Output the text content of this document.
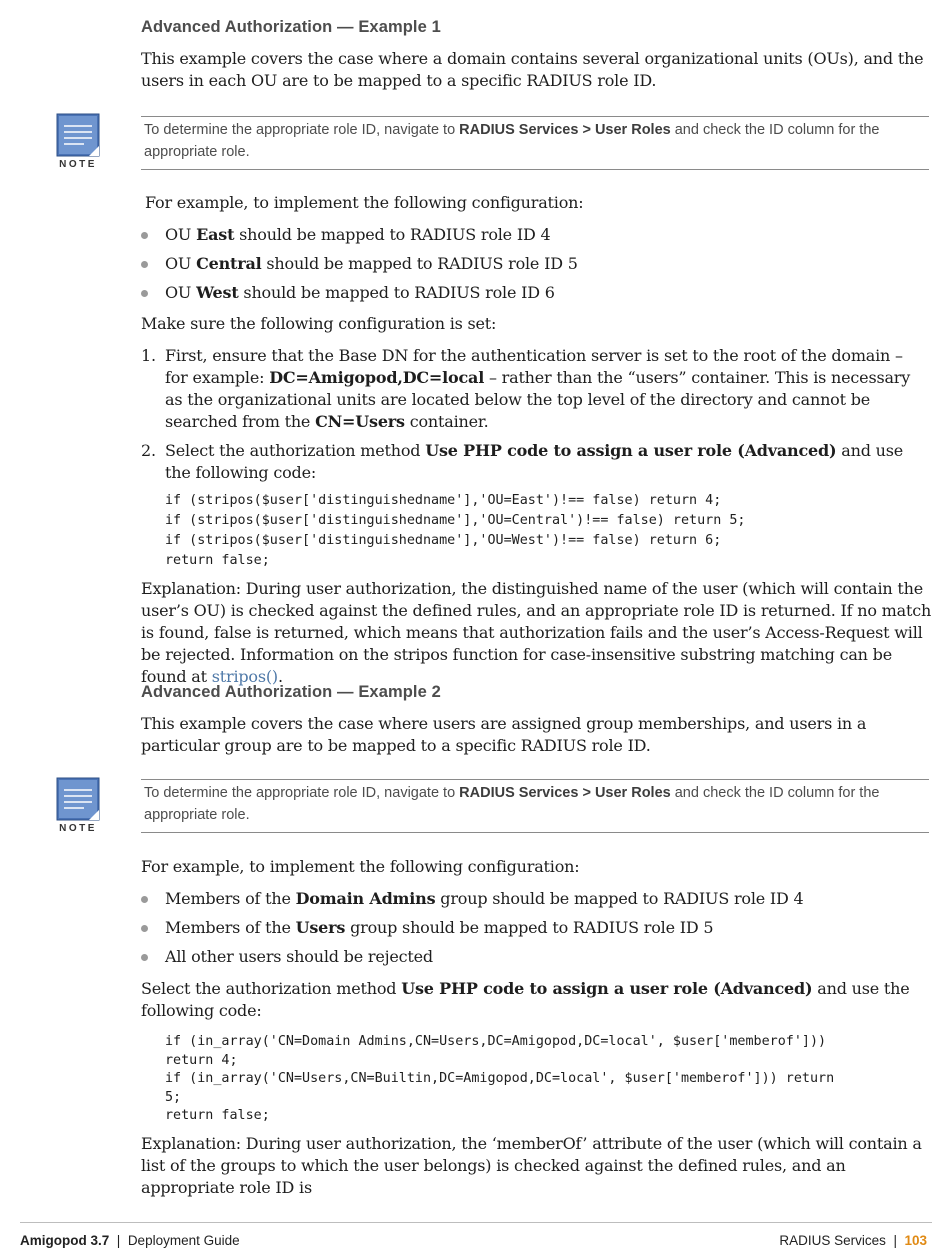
Advanced Authorization — Example 1
This example covers the case where a domain contains several organizational units (OUs), and the users in each OU are to be mapped to a specific RADIUS role ID.
NOTE
To determine the appropriate role ID, navigate to RADIUS Services > User Roles and check the ID column for the appropriate role.
For example, to implement the following configuration:
OU East should be mapped to RADIUS role ID 4
OU Central should be mapped to RADIUS role ID 5
OU West should be mapped to RADIUS role ID 6
Make sure the following configuration is set:
1. First, ensure that the Base DN for the authentication server is set to the root of the domain – for example: DC=Amigopod,DC=local – rather than the “users” container. This is necessary as the organizational units are located below the top level of the directory and cannot be searched from the CN=Users container.
2. Select the authorization method Use PHP code to assign a user role (Advanced) and use the following code:
if (stripos($user['distinguishedname'],'OU=East')!== false) return 4;
if (stripos($user['distinguishedname'],'OU=Central')!== false) return 5;
if (stripos($user['distinguishedname'],'OU=West')!== false) return 6;
return false;
Explanation: During user authorization, the distinguished name of the user (which will contain the user’s OU) is checked against the defined rules, and an appropriate role ID is returned. If no match is found, false is returned, which means that authorization fails and the user’s Access-Request will be rejected. Information on the stripos function for case-insensitive substring matching can be found at stripos().
Advanced Authorization — Example 2
This example covers the case where users are assigned group memberships, and users in a particular group are to be mapped to a specific RADIUS role ID.
NOTE
To determine the appropriate role ID, navigate to RADIUS Services > User Roles and check the ID column for the appropriate role.
For example, to implement the following configuration:
Members of the Domain Admins group should be mapped to RADIUS role ID 4
Members of the Users group should be mapped to RADIUS role ID 5
All other users should be rejected
Select the authorization method Use PHP code to assign a user role (Advanced) and use the following code:
if (in_array('CN=Domain Admins,CN=Users,DC=Amigopod,DC=local', $user['memberof']))
return 4;
if (in_array('CN=Users,CN=Builtin,DC=Amigopod,DC=local', $user['memberof'])) return
5;
return false;
Explanation: During user authorization, the ‘memberOf’ attribute of the user (which will contain a list of the groups to which the user belongs) is checked against the defined rules, and an appropriate role ID is
Amigopod 3.7 | Deployment Guide	RADIUS Services | 103
